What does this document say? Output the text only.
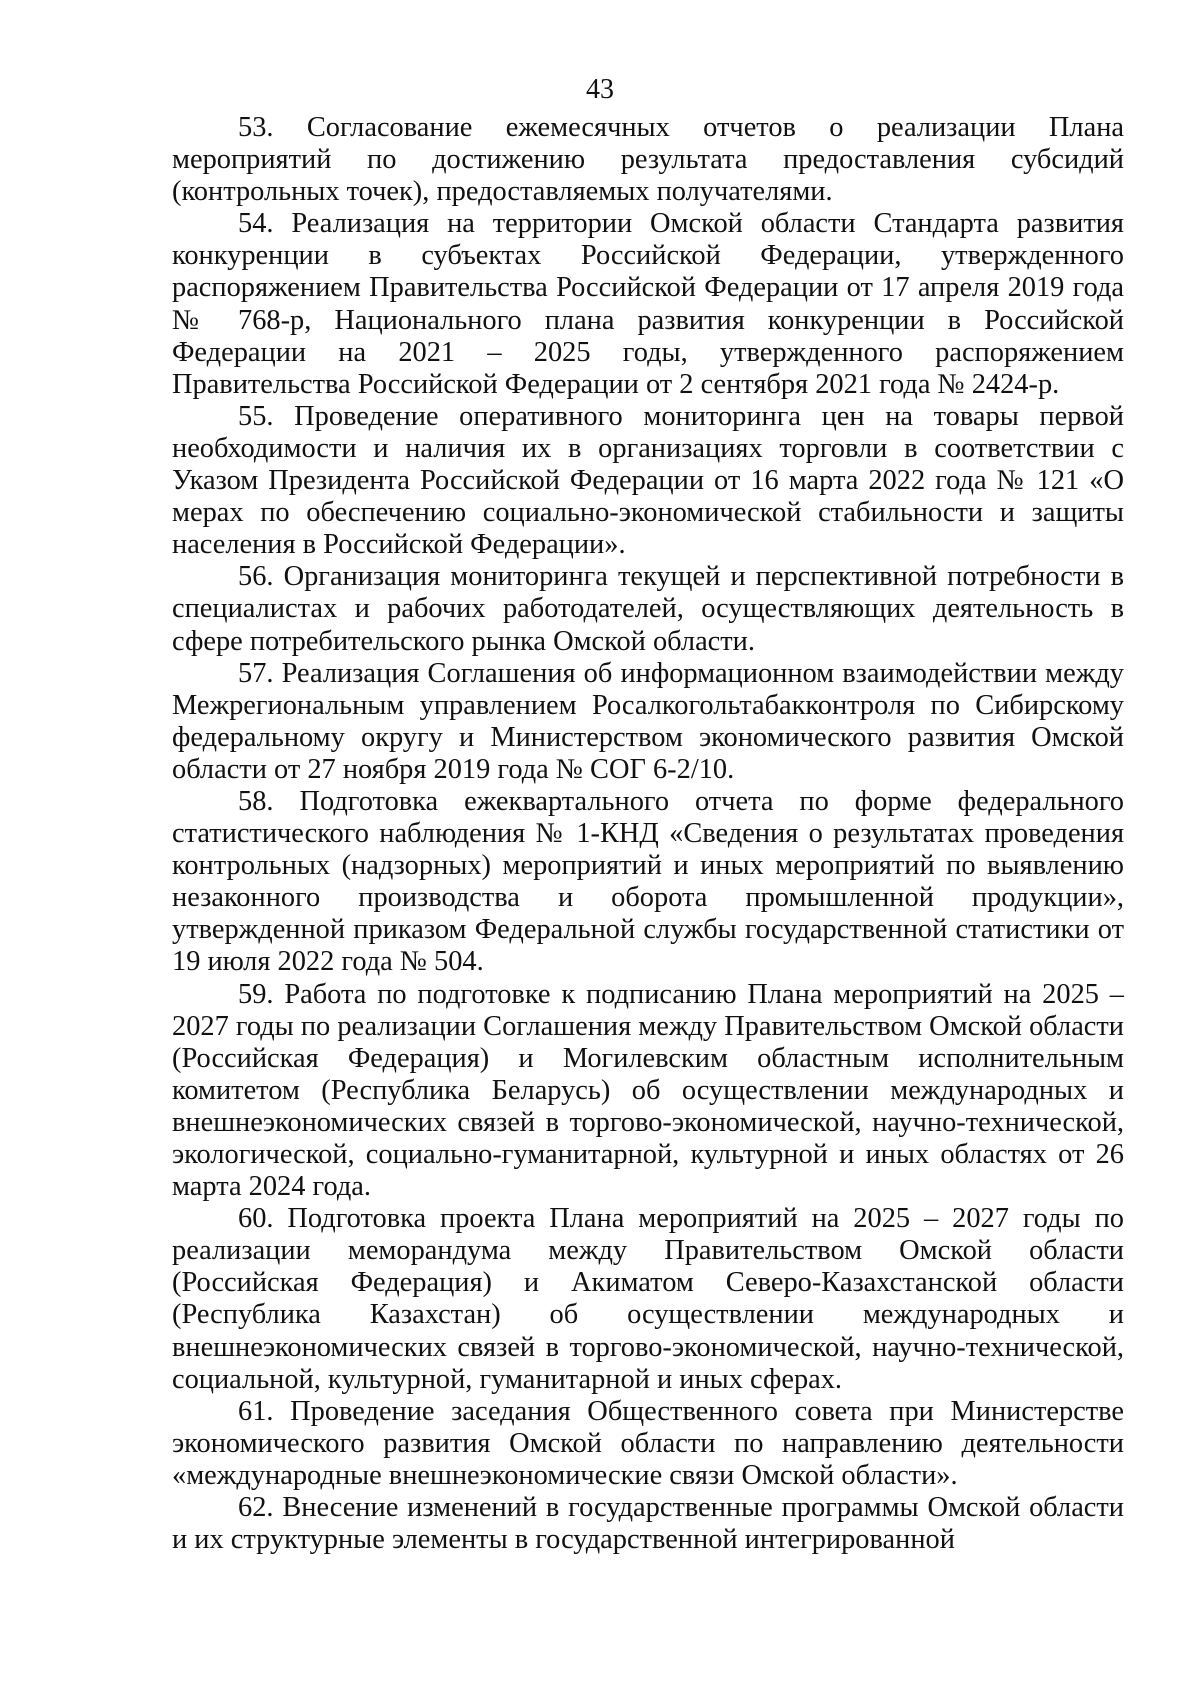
43

53. Согласование ежемесячных отчетов о реализации Плана мероприятий по достижению результата предоставления субсидий (контрольных точек), предоставляемых получателями.

54. Реализация на территории Омской области Стандарта развития конкуренции в субъектах Российской Федерации, утвержденного распоряжением Правительства Российской Федерации от 17 апреля 2019 года № 768-р, Национального плана развития конкуренции в Российской Федерации на 2021 – 2025 годы, утвержденного распоряжением Правительства Российской Федерации от 2 сентября 2021 года № 2424-р.

55. Проведение оперативного мониторинга цен на товары первой необходимости и наличия их в организациях торговли в соответствии с Указом Президента Российской Федерации от 16 марта 2022 года № 121 «О мерах по обеспечению социально-экономической стабильности и защиты населения в Российской Федерации».

56. Организация мониторинга текущей и перспективной потребности в специалистах и рабочих работодателей, осуществляющих деятельность в сфере потребительского рынка Омской области.

57. Реализация Соглашения об информационном взаимодействии между Межрегиональным управлением Росалкогольтабакконтроля по Сибирскому федеральному округу и Министерством экономического развития Омской области от 27 ноября 2019 года № СОГ 6-2/10.

58. Подготовка ежеквартального отчета по форме федерального статистического наблюдения № 1-КНД «Сведения о результатах проведения контрольных (надзорных) мероприятий и иных мероприятий по выявлению незаконного производства и оборота промышленной продукции», утвержденной приказом Федеральной службы государственной статистики от 19 июля 2022 года № 504.

59. Работа по подготовке к подписанию Плана мероприятий на 2025 – 2027 годы по реализации Соглашения между Правительством Омской области (Российская Федерация) и Могилевским областным исполнительным комитетом (Республика Беларусь) об осуществлении международных и внешнеэкономических связей в торгово-экономической, научно-технической, экологической, социально-гуманитарной, культурной и иных областях от 26 марта 2024 года.

60. Подготовка проекта Плана мероприятий на 2025 – 2027 годы по реализации меморандума между Правительством Омской области (Российская Федерация) и Акиматом Северо-Казахстанской области (Республика Казахстан) об осуществлении международных и внешнеэкономических связей в торгово-экономической, научно-технической, социальной, культурной, гуманитарной и иных сферах.

61. Проведение заседания Общественного совета при Министерстве экономического развития Омской области по направлению деятельности «международные внешнеэкономические связи Омской области».

62. Внесение изменений в государственные программы Омской области и их структурные элементы в государственной интегрированной
